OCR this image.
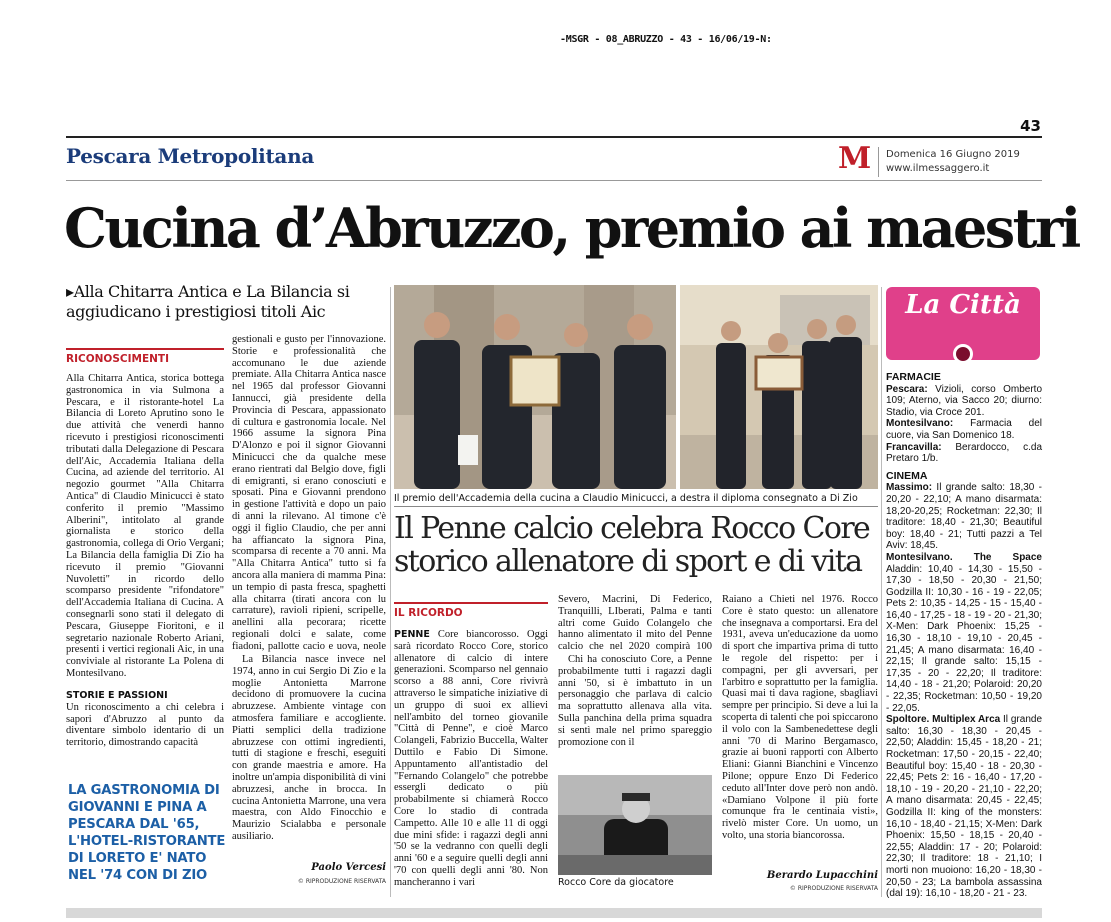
-MSGR - 08_ABRUZZO - 43 - 16/06/19-N:
43
Pescara Metropolitana	M Domenica 16 Giugno 2019
www.ilmessaggero.it
Cucina d’Abruzzo, premio ai maestri
▸Alla Chitarra Antica e La Bilancia si aggiudicano i prestigiosi titoli Aic
RICONOSCIMENTI

Alla Chitarra Antica, storica bottega gastronomica in via Sulmona a Pescara, e il ristorante-hotel La Bilancia di Loreto Aprutino sono le due attività che venerdì hanno ricevuto i prestigiosi riconoscimenti tributati dalla Delegazione di Pescara dell'Aic, Accademia Italiana della Cucina, ad aziende del territorio. Al negozio gourmet "Alla Chitarra Antica" di Claudio Minicucci è stato conferito il premio "Massimo Alberini", intitolato al grande giornalista e storico della gastronomia, collega di Orio Vergani; La Bilancia della famiglia Di Zio ha ricevuto il premio "Giovanni Nuvoletti" in ricordo dello scomparso presidente "rifondatore" dell'Accademia Italiana di Cucina. A consegnarli sono stati il delegato di Pescara, Giuseppe Fioritoni, e il segretario nazionale Roberto Ariani, presenti i vertici regionali Aic, in una conviviale al ristorante La Polena di Montesilvano.

STORIE E PASSIONI

Un riconoscimento a chi celebra i sapori d'Abruzzo al punto da diventare simbolo identario di un territorio, dimostrando capacità

LA GASTRONOMIA DI GIOVANNI E PINA A PESCARA DAL '65, L'HOTEL-RISTORANTE DI LORETO E' NATO NEL '74 CON DI ZIO

gestionali e gusto per l'innovazione. Storie e professionalità che accomunano le due aziende premiate. Alla Chitarra Antica nasce nel 1965 dal professor Giovanni Iannucci, già presidente della Provincia di Pescara, appassionato di cultura e gastronomia locale. Nel 1966 assume la signora Pina D'Alonzo e poi il signor Giovanni Minicucci che da qualche mese erano rientrati dal Belgio dove, figli di emigranti, si erano conosciuti e sposati. Pina e Giovanni prendono in gestione l'attività e dopo un paio di anni la rilevano. Al timone c'è oggi il figlio Claudio, che per anni ha affiancato la signora Pina, scomparsa di recente a 70 anni. Ma "Alla Chitarra Antica" tutto si fa ancora alla maniera di mamma Pina: un tempio di pasta fresca, spaghetti alla chitarra (tirati ancora con lu carrature), ravioli ripieni, scripelle, anellini alla pecorara; ricette regionali dolci e salate, come fiadoni, pallotte cacio e uova, neole

La Bilancia nasce invece nel 1974, anno in cui Sergio Di Zio e la moglie Antonietta Marrone decidono di promuovere la cucina abruzzese. Ambiente vintage con atmosfera familiare e accogliente. Piatti semplici della tradizione abruzzese con ottimi ingredienti, tutti di stagione e freschi, eseguiti con grande maestria e amore. Ha inoltre un'ampia disponibilità di vini abruzzesi, anche in brocca. In cucina Antonietta Marrone, una vera maestra, con Aldo Finocchio e Maurizio Scialabba e personale ausiliario.

Paolo Vercesi
© RIPRODUZIONE RISERVATA
Il premio dell'Accademia della cucina a Claudio Minicucci, a destra il diploma consegnato a Di Zio
Il Penne calcio celebra Rocco Core storico allenatore di sport e di vita
IL RICORDO

PENNE Core biancorosso. Oggi sarà ricordato Rocco Core, storico allenatore di calcio di intere generazioni. Scomparso nel gennaio scorso a 88 anni, Core rivivrà attraverso le simpatiche iniziative di un gruppo di suoi ex allievi nell'ambito del torneo giovanile "Città di Penne", e cioè Marco Colangeli, Fabrizio Buccella, Walter Duttilo e Fabio Di Simone. Appuntamento all'antistadio del "Fernando Colangelo" che potrebbe essergli dedicato o più probabilmente si chiamerà Rocco Core lo stadio di contrada Campetto. Alle 10 e alle 11 di oggi due mini sfide: i ragazzi degli anni '50 se la vedranno con quelli degli anni '60 e a seguire quelli degli anni '70 con quelli degli anni '80. Non mancheranno i vari

Severo, Macrini, Di Federico, Tranquilli, LIberati, Palma e tanti altri come Guido Colangelo che hanno alimentato il mito del Penne calcio che nel 2020 compirà 100

Chi ha conosciuto Core, a Penne probabilmente tutti i ragazzi dagli anni '50, si è imbattuto in un personaggio che parlava di calcio ma soprattutto allenava alla vita. Sulla panchina della prima squadra si sentì male nel primo spareggio promozione con il

Rocco Core da giocatore

Raiano a Chieti nel 1976. Rocco Core è stato questo: un allenatore che insegnava a comportarsi. Era del 1931, aveva un'educazione da uomo di sport che impartiva prima di tutto le regole del rispetto: per i compagni, per gli avversari, per l'arbitro e soprattutto per la famiglia. Quasi mai ti dava ragione, sbagliavi sempre per principio. Si deve a lui la scoperta di talenti che poi spiccarono il volo con la Sambenedettese degli anni '70 di Marino Bergamasco, grazie ai buoni rapporti con Alberto Eliani: Gianni Bianchini e Vincenzo Pilone; oppure Enzo Di Federico ceduto all'Inter dove però non andò. «Damiano Volpone il più forte comunque fra le centinaia visti», rivelò mister Core. Un uomo, un volto, una storia biancorossa.

Berardo Lupacchini
© RIPRODUZIONE RISERVATA
La Città
FARMACIE

Pescara: Vizioli, corso Omberto 109; Aterno, via Sacco 20; diurno: Stadio, via Croce 201.

Montesilvano: Farmacia del cuore, via San Domenico 18.

Francavilla: Berardocco, c.da Pretaro 1/b.

CINEMA

Massimo: Il grande salto: 18,30 - 20,20 - 22,10; A mano disarmata: 18,20-20,25; Rocketman: 22,30; Il traditore: 18,40 - 21,30; Beautiful boy: 18,40 - 21; Tutti pazzi a Tel Aviv: 18,45.

Montesilvano. The Space Aladdin: 10,40 - 14,30 - 15,50 - 17,30 - 18,50 - 20,30 - 21,50; Godzilla II: 10,30 - 16 - 19 - 22,05; Pets 2: 10,35 - 14,25 - 15 - 15,40 - 16,40 - 17,25 - 18 - 19 - 20 - 21,30; X-Men: Dark Phoenix: 15,25 - 16,30 - 18,10 - 19,10 - 20,45 - 21,45; A mano disarmata: 16,40 - 22,15; Il grande salto: 15,15 - 17,35 - 20 - 22,20; Il traditore: 14,40 - 18 - 21,20; Polaroid: 20,20 - 22,35; Rocketman: 10,50 - 19,20 - 22,05.

Spoltore. Multiplex Arca Il grande salto: 16,30 - 18,30 - 20,45 - 22,50; Aladdin: 15,45 - 18,20 - 21; Rocketman: 17,50 - 20,15 - 22,40; Beautiful boy: 15,40 - 18 - 20,30 - 22,45; Pets 2: 16 - 16,40 - 17,20 - 18,10 - 19 - 20,20 - 21,10 - 22,20; A mano disarmata: 20,45 - 22,45; Godzilla II: king of the monsters: 16,10 - 18,40 - 21,15; X-Men: Dark Phoenix: 15,50 - 18,15 - 20,40 - 22,55; Aladdin: 17 - 20; Polaroid: 22,30; Il traditore: 18 - 21,10; I morti non muoiono: 16,20 - 18,30 - 20,50 - 23; La bambola assassina (dal 19): 16,10 - 18,20 - 21 - 23.
